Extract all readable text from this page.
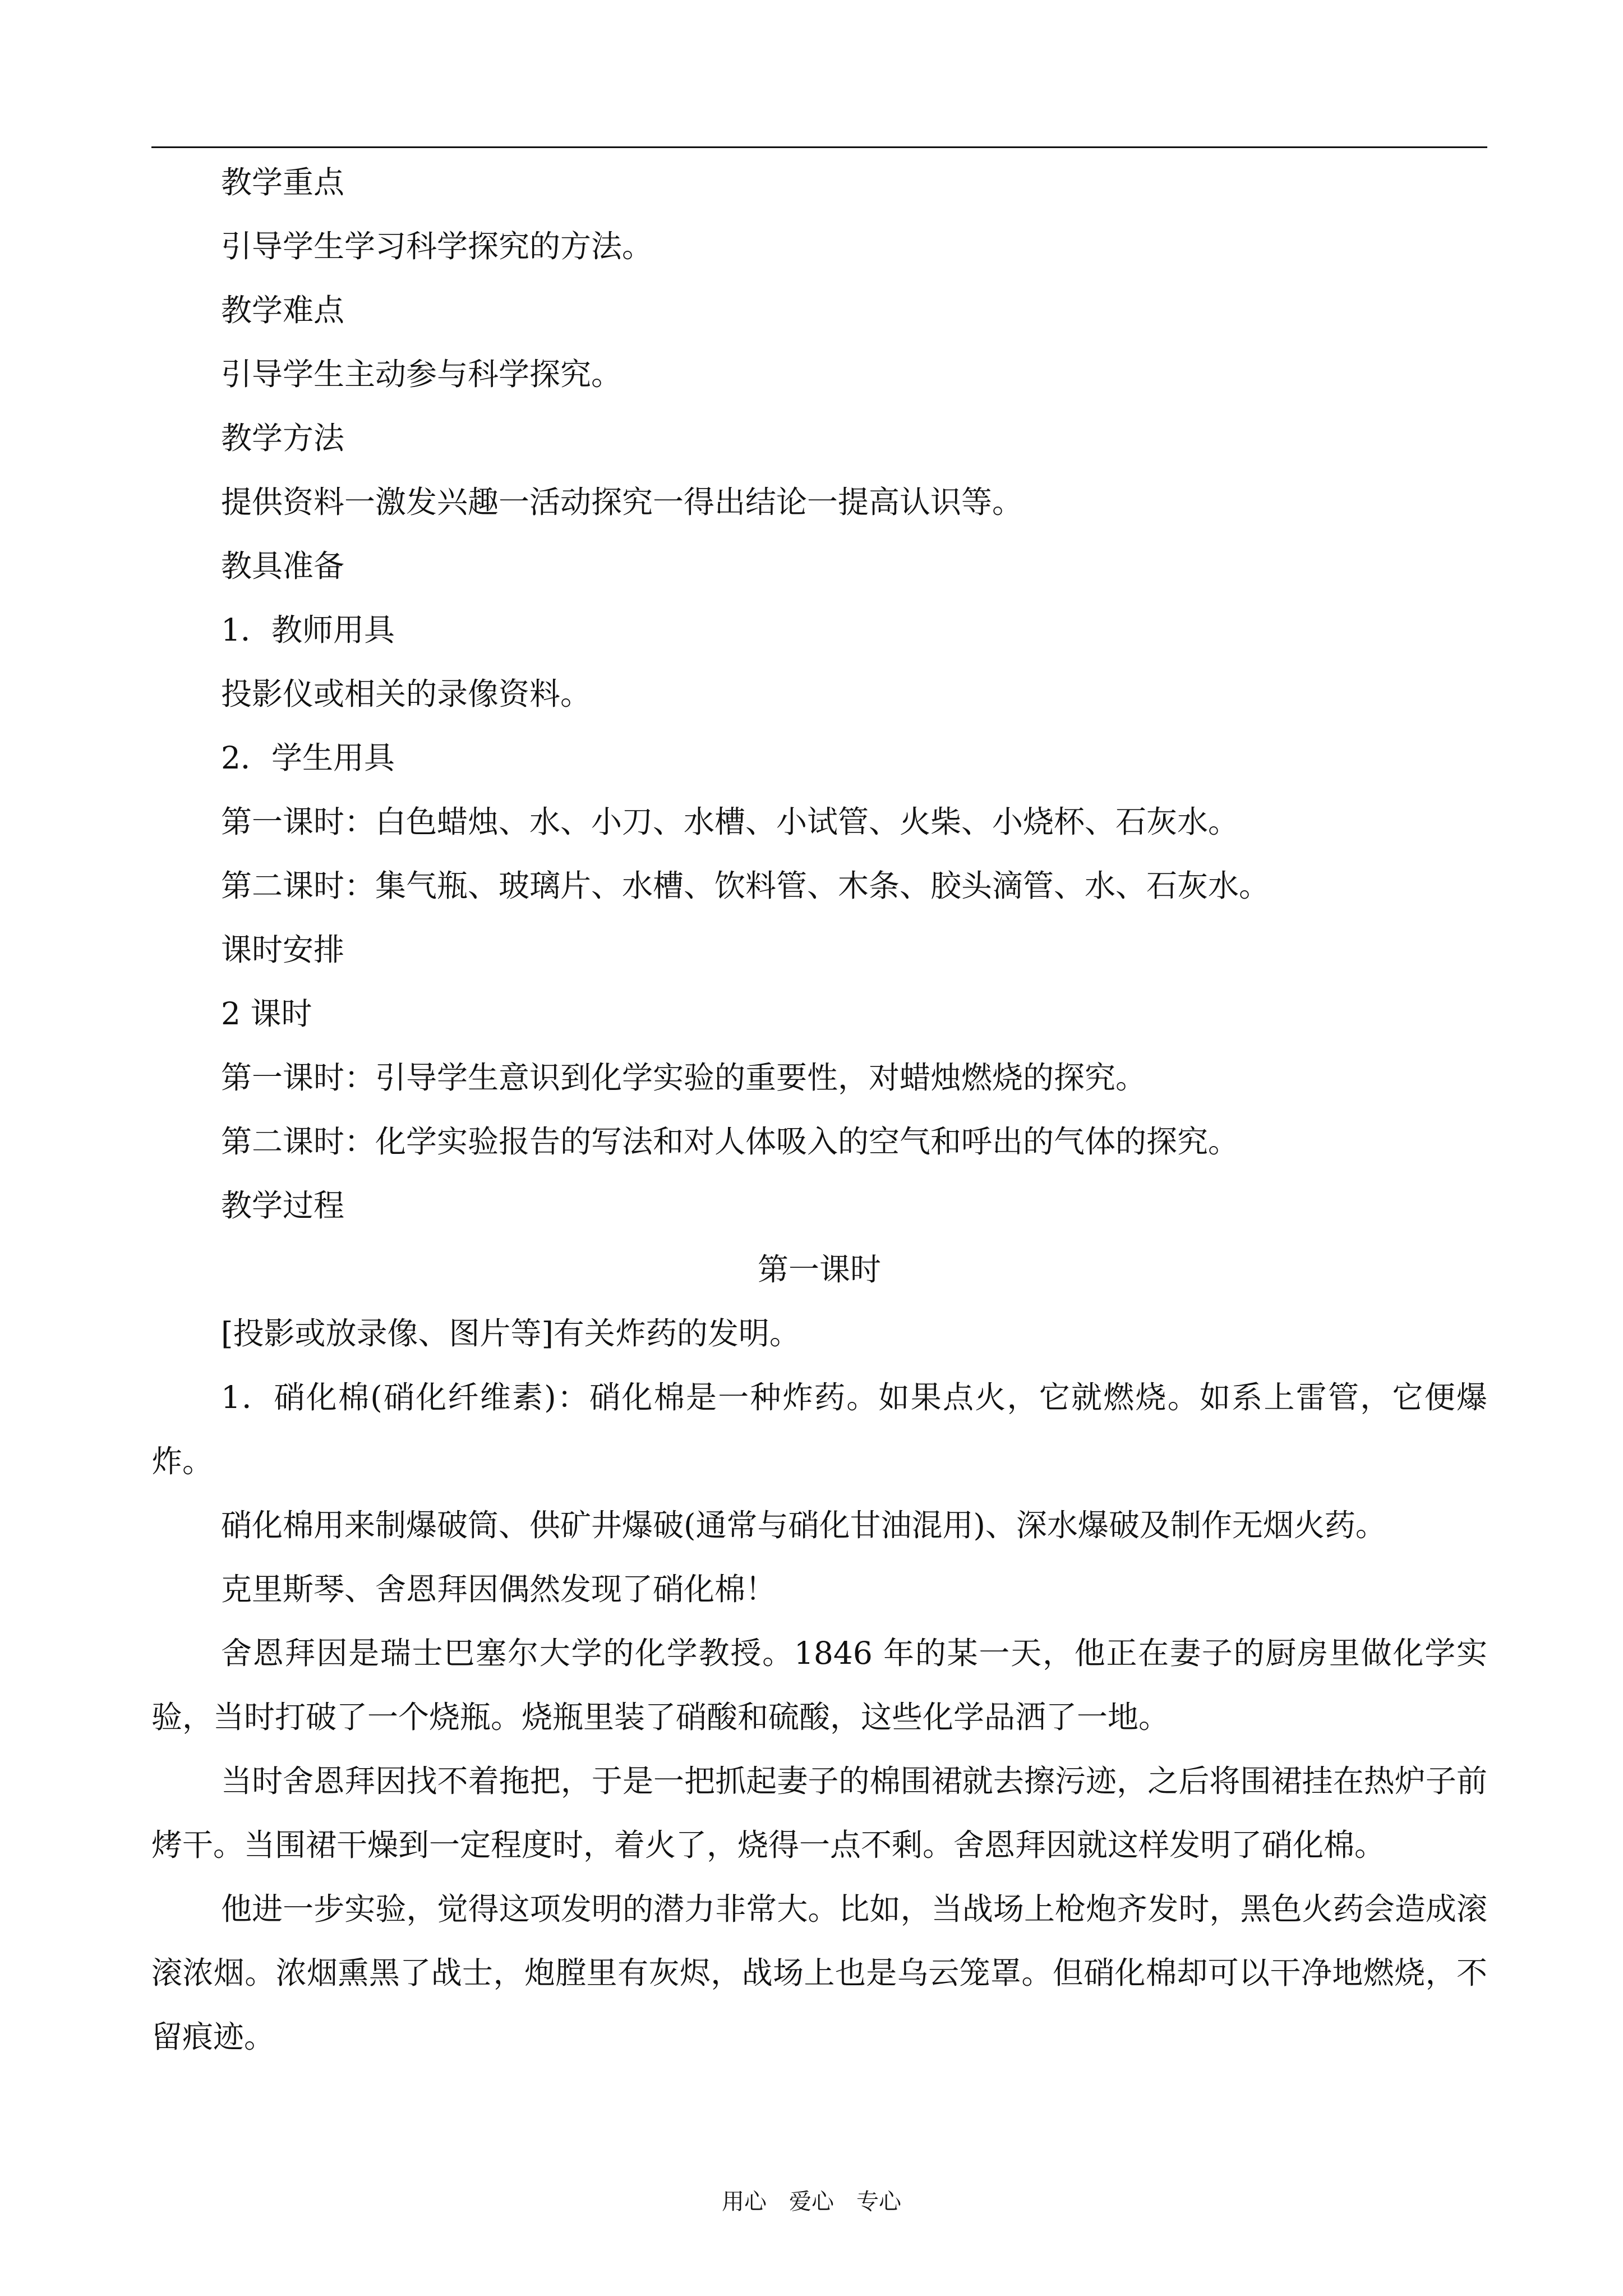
教学重点

引导学生学习科学探究的方法。

教学难点

引导学生主动参与科学探究。

教学方法

提供资料一激发兴趣一活动探究一得出结论一提高认识等。

教具准备

1．教师用具

投影仪或相关的录像资料。

2．学生用具

第一课时：白色蜡烛、水、小刀、水槽、小试管、火柴、小烧杯、石灰水。

第二课时：集气瓶、玻璃片、水槽、饮料管、木条、胶头滴管、水、石灰水。

课时安排

2 课时

第一课时：引导学生意识到化学实验的重要性，对蜡烛燃烧的探究。

第二课时：化学实验报告的写法和对人体吸入的空气和呼出的气体的探究。

教学过程

第一课时

[投影或放录像、图片等]有关炸药的发明。

1．硝化棉(硝化纤维素)：硝化棉是一种炸药。如果点火，它就燃烧。如系上雷管，它便爆炸。

硝化棉用来制爆破筒、供矿井爆破(通常与硝化甘油混用)、深水爆破及制作无烟火药。

克里斯琴、舍恩拜因偶然发现了硝化棉！

舍恩拜因是瑞士巴塞尔大学的化学教授。1846 年的某一天，他正在妻子的厨房里做化学实验，当时打破了一个烧瓶。烧瓶里装了硝酸和硫酸，这些化学品洒了一地。

当时舍恩拜因找不着拖把，于是一把抓起妻子的棉围裙就去擦污迹，之后将围裙挂在热炉子前烤干。当围裙干燥到一定程度时，着火了，烧得一点不剩。舍恩拜因就这样发明了硝化棉。

他进一步实验，觉得这项发明的潜力非常大。比如，当战场上枪炮齐发时，黑色火药会造成滚滚浓烟。浓烟熏黑了战士，炮膛里有灰烬，战场上也是乌云笼罩。但硝化棉却可以干净地燃烧，不留痕迹。

用心　爱心　专心
